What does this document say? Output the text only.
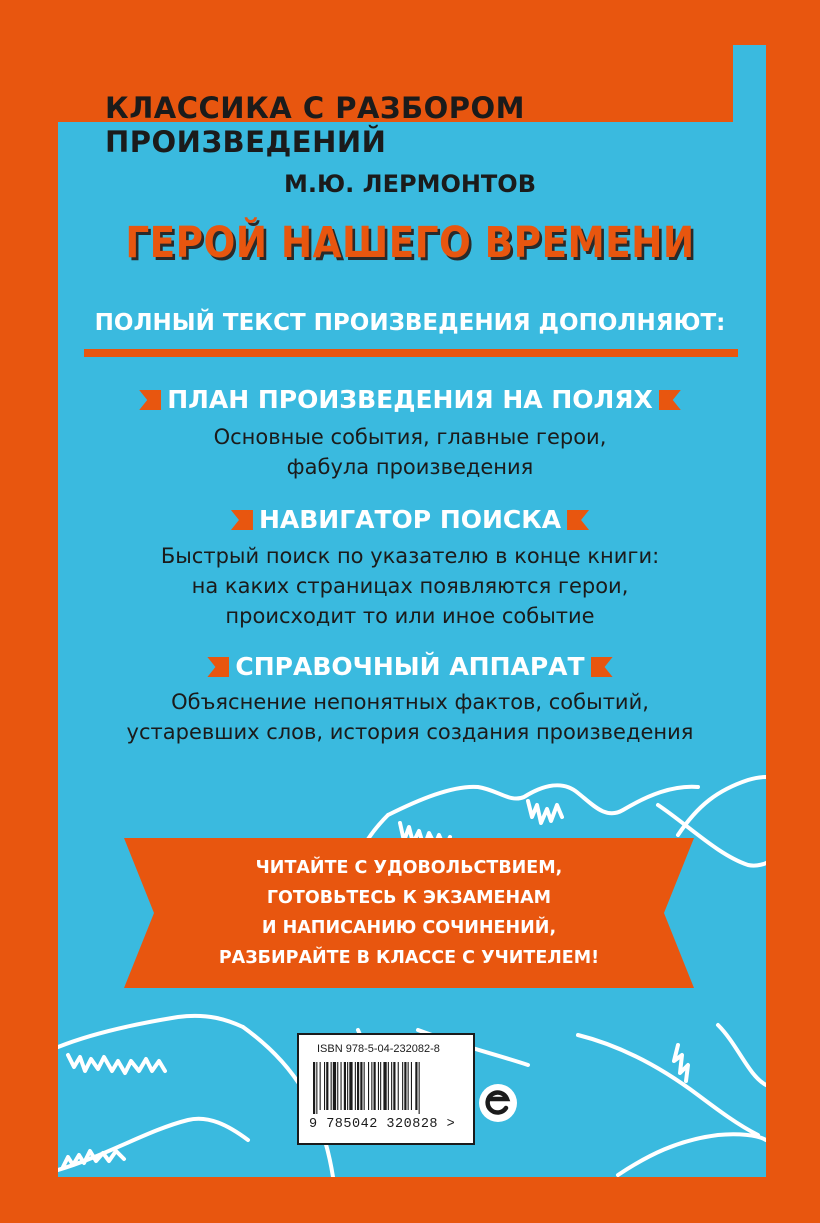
КЛАССИКА С РАЗБОРОМ ПРОИЗВЕДЕНИЙ
М.Ю. ЛЕРМОНТОВ
ГЕРОЙ НАШЕГО ВРЕМЕНИ
ПОЛНЫЙ ТЕКСТ ПРОИЗВЕДЕНИЯ ДОПОЛНЯЮТ:
ПЛАН ПРОИЗВЕДЕНИЯ НА ПОЛЯХ
Основные события, главные герои,
фабула произведения
НАВИГАТОР ПОИСКА
Быстрый поиск по указателю в конце книги:
на каких страницах появляются герои,
происходит то или иное событие
СПРАВОЧНЫЙ АППАРАТ
Объяснение непонятных фактов, событий,
устаревших слов, история создания произведения
ЧИТАЙТЕ С УДОВОЛЬСТВИЕМ,
ГОТОВЬТЕСЬ К ЭКЗАМЕНАМ
И НАПИСАНИЮ СОЧИНЕНИЙ,
РАЗБИРАЙТЕ В КЛАССЕ С УЧИТЕЛЕМ!
ISBN 978-5-04-232082-8
9 785042 320828 >
